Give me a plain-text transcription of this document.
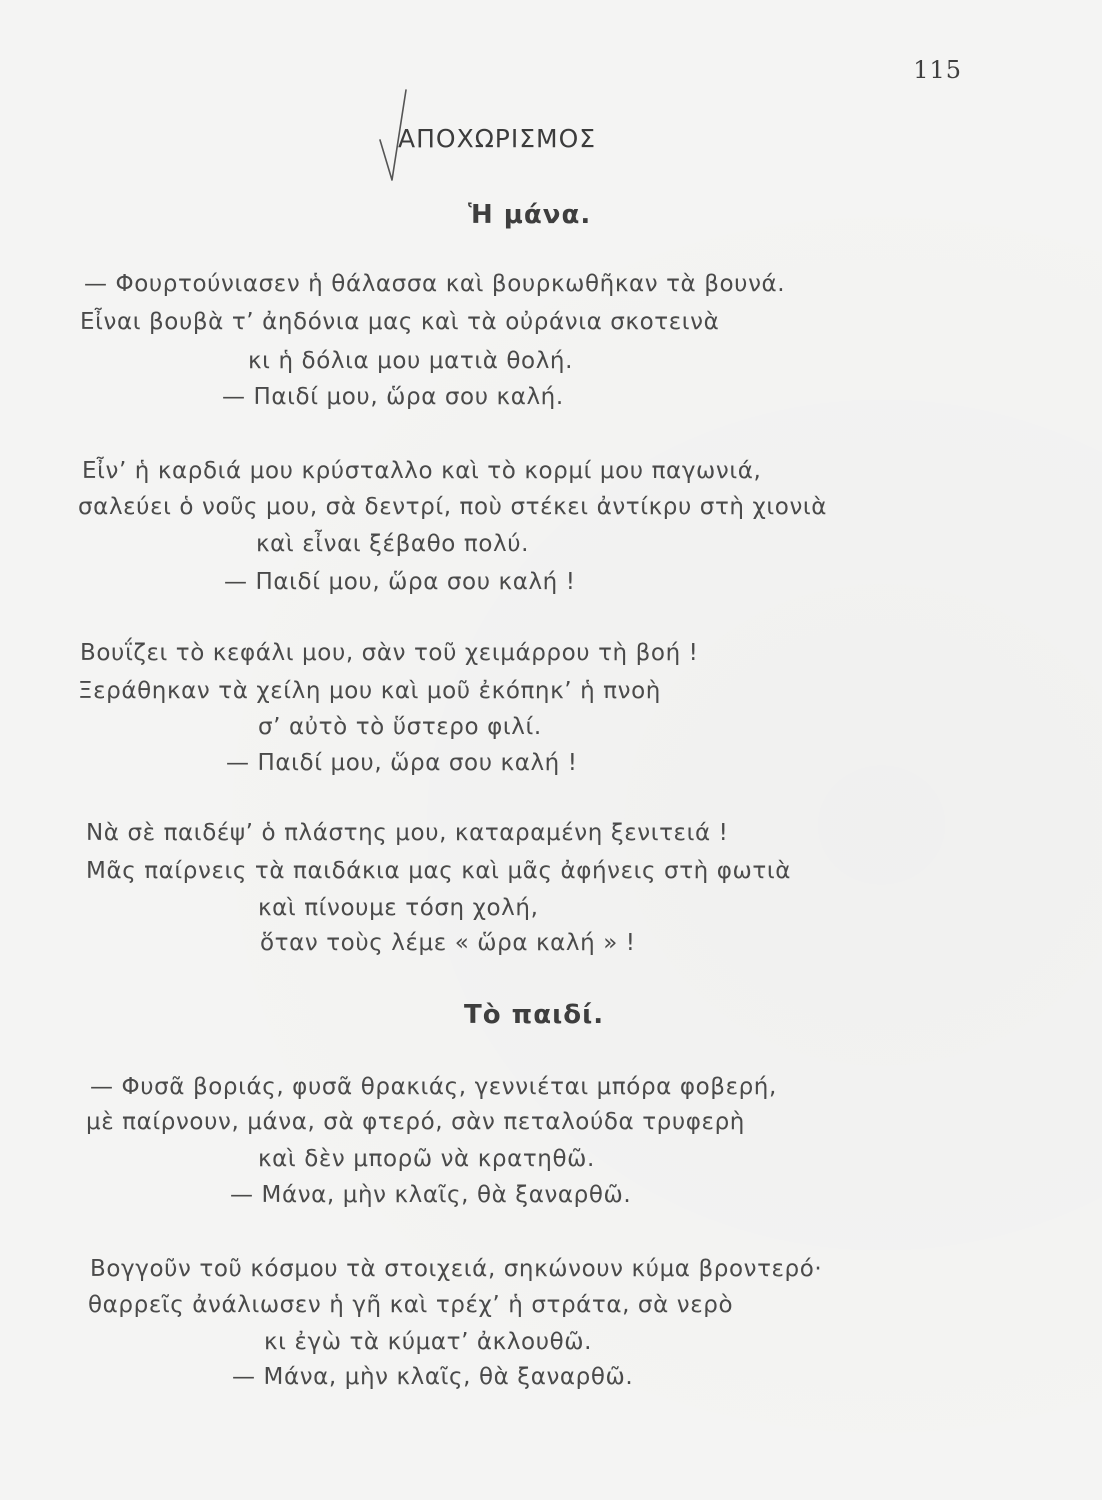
115
ΑΠΟΧΩΡΙΣΜΟΣ
Ἡ μάνα.
— Φουρτούνιασεν ἡ θάλασσα καὶ βουρκωθῆκαν τὰ βουνά.
Εἶναι βουβὰ τ’ ἀηδόνια μας καὶ τὰ οὐράνια σκοτεινὰ
κι ἡ δόλια μου ματιὰ θολή.
— Παιδί μου, ὥρα σου καλή.
Εἶν’ ἡ καρδιά μου κρύσταλλο καὶ τὸ κορμί μου παγωνιά,
σαλεύει ὁ νοῦς μου, σὰ δεντρί, ποὺ στέκει ἀντίκρυ στὴ χιονιὰ
καὶ εἶναι ξέβαθο πολύ.
— Παιδί μου, ὥρα σου καλή !
Βουΐζει τὸ κεφάλι μου, σὰν τοῦ χειμάρρου τὴ βοή !
Ξεράθηκαν τὰ χείλη μου καὶ μοῦ ἐκόπηκ’ ἡ πνοὴ
σ’ αὐτὸ τὸ ὕστερο φιλί.
— Παιδί μου, ὥρα σου καλή !
Νὰ σὲ παιδέψ’ ὁ πλάστης μου, καταραμένη ξενιτειά !
Μᾶς παίρνεις τὰ παιδάκια μας καὶ μᾶς ἀφήνεις στὴ φωτιὰ
καὶ πίνουμε τόση χολή,
ὅταν τοὺς λέμε « ὥρα καλή » !
Τὸ παιδί.
— Φυσᾶ βοριάς, φυσᾶ θρακιάς, γεννιέται μπόρα φοβερή,
μὲ παίρνουν, μάνα, σὰ φτερό, σὰν πεταλούδα τρυφερὴ
καὶ δὲν μπορῶ νὰ κρατηθῶ.
— Μάνα, μὴν κλαῖς, θὰ ξαναρθῶ.
Βογγοῦν τοῦ κόσμου τὰ στοιχειά, σηκώνουν κύμα βροντερό·
θαρρεῖς ἀνάλιωσεν ἡ γῆ καὶ τρέχ’ ἡ στράτα, σὰ νερὸ
κι ἐγὼ τὰ κύματ’ ἀκλουθῶ.
— Μάνα, μὴν κλαῖς, θὰ ξαναρθῶ.
